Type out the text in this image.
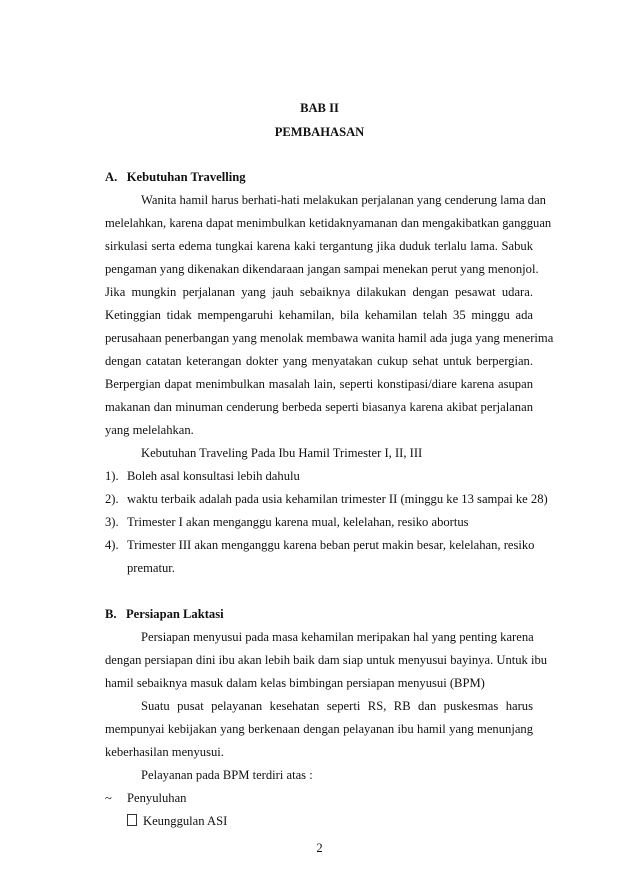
BAB II
PEMBAHASAN
A.   Kebutuhan Travelling
Wanita hamil harus berhati-hati melakukan perjalanan yang cenderung lama dan
melelahkan, karena dapat menimbulkan ketidaknyamanan dan mengakibatkan gangguan
sirkulasi serta edema tungkai karena kaki tergantung jika duduk terlalu lama. Sabuk
pengaman yang dikenakan dikendaraan jangan sampai menekan perut yang menonjol.
Jika mungkin perjalanan yang jauh sebaiknya dilakukan dengan pesawat udara.
Ketinggian tidak mempengaruhi kehamilan, bila kehamilan telah 35 minggu ada
perusahaan penerbangan yang menolak membawa wanita hamil ada juga yang menerima
dengan catatan keterangan dokter yang menyatakan cukup sehat untuk berpergian.
Berpergian dapat menimbulkan masalah lain, seperti konstipasi/diare karena asupan
makanan dan minuman cenderung berbeda seperti biasanya karena akibat perjalanan
yang melelahkan.
Kebutuhan Traveling Pada Ibu Hamil Trimester I, II, III
1). Boleh asal konsultasi lebih dahulu
2). waktu terbaik adalah pada usia kehamilan trimester II (minggu ke 13 sampai ke 28)
3). Trimester I akan menganggu karena mual, kelelahan, resiko abortus
4). Trimester III akan menganggu karena beban perut makin besar, kelelahan, resiko
prematur.
B.   Persiapan Laktasi
Persiapan menyusui pada masa kehamilan meripakan hal yang penting karena
dengan persiapan dini ibu akan lebih baik dam siap untuk menyusui bayinya. Untuk ibu
hamil sebaiknya masuk dalam kelas bimbingan persiapan menyusui (BPM)
Suatu pusat pelayanan kesehatan seperti RS, RB dan puskesmas harus
mempunyai kebijakan yang berkenaan dengan pelayanan ibu hamil yang menunjang
keberhasilan menyusui.
Pelayanan pada BPM terdiri atas :
~ Penyuluhan
Keunggulan ASI
2
